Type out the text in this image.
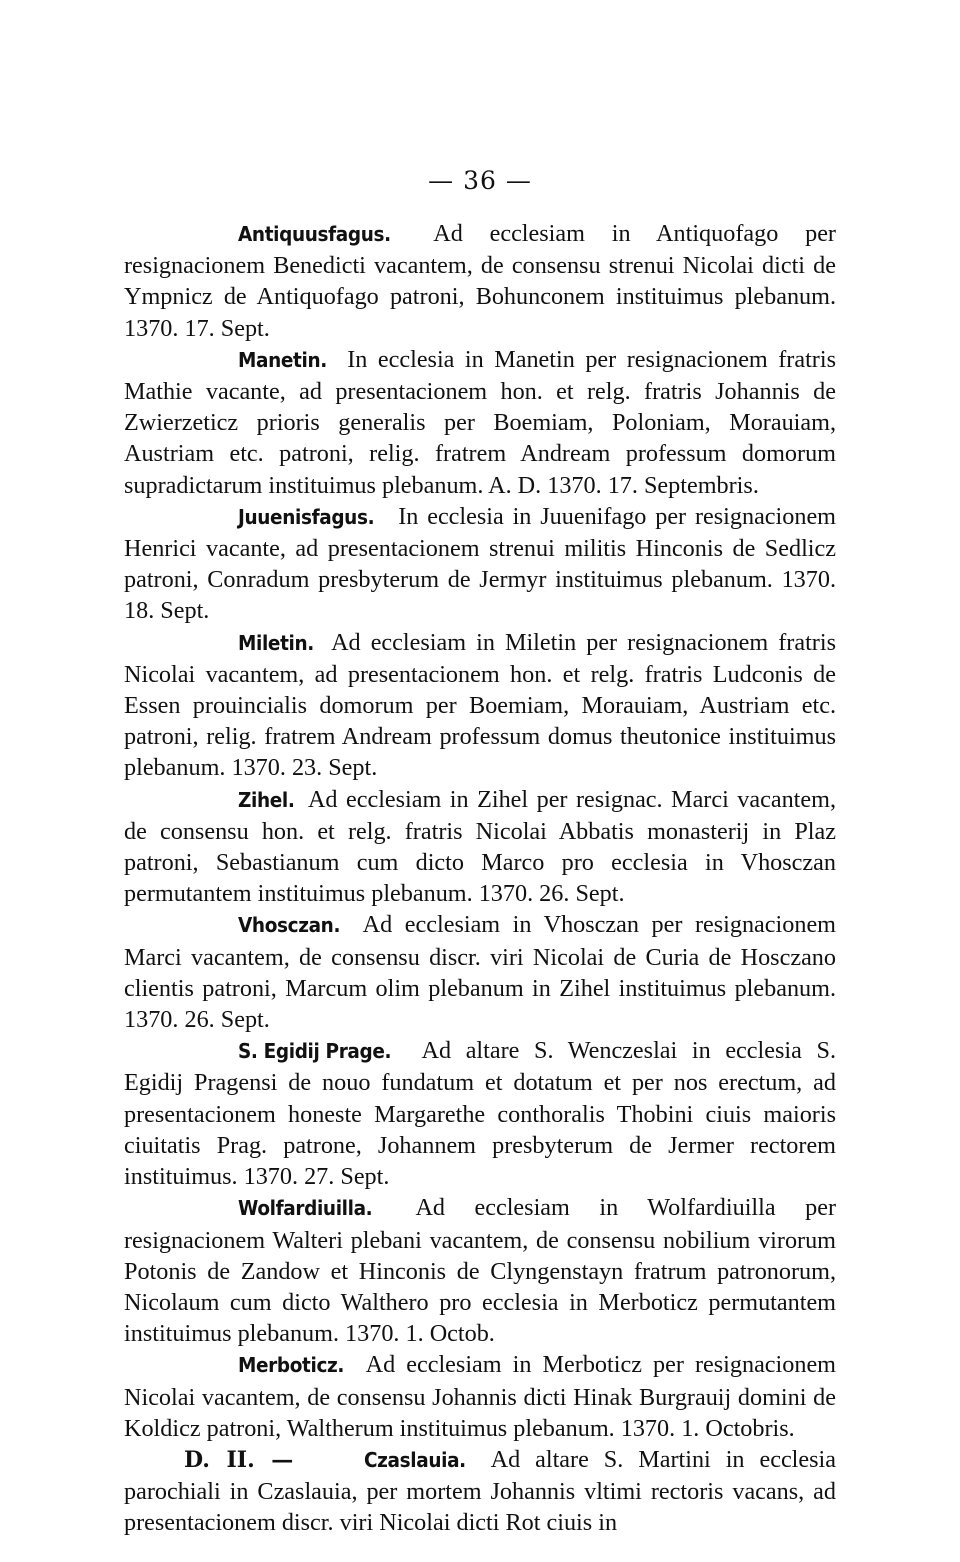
— 36 —

Antiquusfagus. Ad ecclesiam in Antiquofago per resignacionem Benedicti vacantem, de consensu strenui Nicolai dicti de Ympnicz de Antiquofago patroni, Bohunconem instituimus plebanum. 1370. 17. Sept.

Manetin. In ecclesia in Manetin per resignacionem fratris Mathie vacante, ad presentacionem hon. et relg. fratris Johannis de Zwierzeticz prioris generalis per Boemiam, Poloniam, Morauiam, Austriam etc. patroni, relig. fratrem Andream professum domorum supradictarum instituimus plebanum. A. D. 1370. 17. Septembris.

Juuenisfagus. In ecclesia in Juuenifago per resignacionem Henrici vacante, ad presentacionem strenui militis Hinconis de Sedlicz patroni, Conradum presbyterum de Jermyr instituimus plebanum. 1370. 18. Sept.

Miletin. Ad ecclesiam in Miletin per resignacionem fratris Nicolai vacantem, ad presentacionem hon. et relg. fratris Ludconis de Essen prouincialis domorum per Boemiam, Morauiam, Austriam etc. patroni, relig. fratrem Andream professum domus theutonice instituimus plebanum. 1370. 23. Sept.

Zihel. Ad ecclesiam in Zihel per resignac. Marci vacantem, de consensu hon. et relg. fratris Nicolai Abbatis monasterij in Plaz patroni, Sebastianum cum dicto Marco pro ecclesia in Vhosczan permutantem instituimus plebanum. 1370. 26. Sept.

Vhosczan. Ad ecclesiam in Vhosczan per resignacionem Marci vacantem, de consensu discr. viri Nicolai de Curia de Hosczano clientis patroni, Marcum olim plebanum in Zihel instituimus plebanum. 1370. 26. Sept.

S. Egidij Prage. Ad altare S. Wenczeslai in ecclesia S. Egidij Pragensi de nouo fundatum et dotatum et per nos erectum, ad presentacionem honeste Margarethe conthoralis Thobini ciuis maioris ciuitatis Prag. patrone, Johannem presbyterum de Jermer rectorem instituimus. 1370. 27. Sept.

Wolfardiuilla. Ad ecclesiam in Wolfardiuilla per resignacionem Walteri plebani vacantem, de consensu nobilium virorum Potonis de Zandow et Hinconis de Clyngenstayn fratrum patronorum, Nicolaum cum dicto Walthero pro ecclesia in Merboticz permutantem instituimus plebanum. 1370. 1. Octob.

Merboticz. Ad ecclesiam in Merboticz per resignacionem Nicolai vacantem, de consensu Johannis dicti Hinak Burgrauij domini de Koldicz patroni, Waltherum instituimus plebanum. 1370. 1. Octobris.

D. II. —	Czaslauia. Ad altare S. Martini in ecclesia parochiali in Czaslauia, per mortem Johannis vltimi rectoris vacans, ad presentacionem discr. viri Nicolai dicti Rot ciuis in
